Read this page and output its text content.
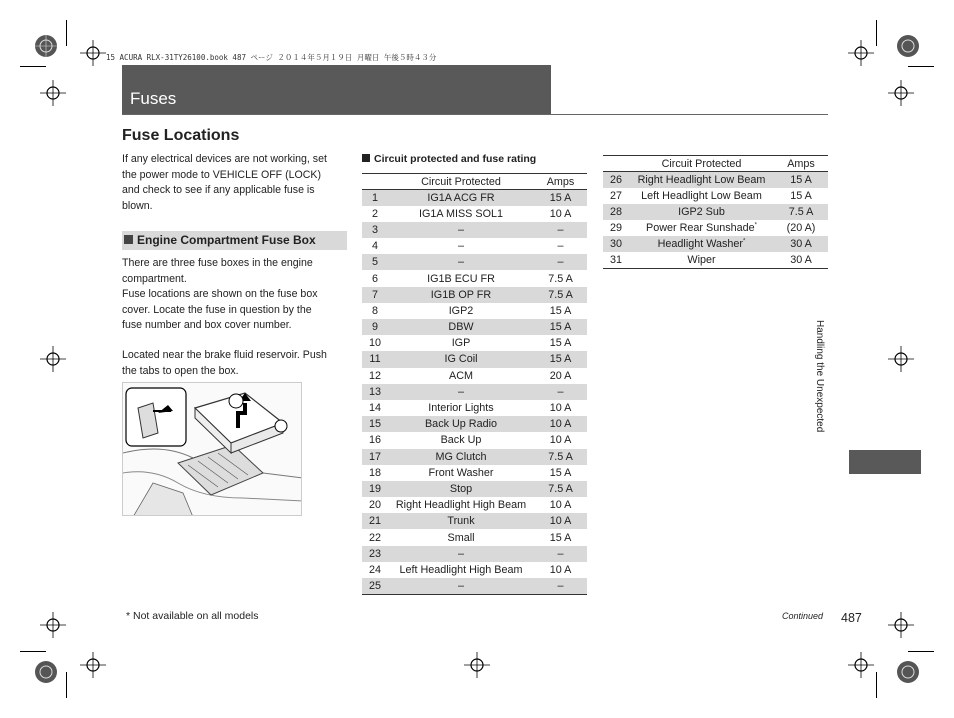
15 ACURA RLX-31TY26100.book 487 ページ ２０１４年５月１９日 月曜日 午後５時４３分
Fuses
Fuse Locations
If any electrical devices are not working, set
the power mode to VEHICLE OFF (LOCK)
and check to see if any applicable fuse is
blown.
Engine Compartment Fuse Box
There are three fuse boxes in the engine
compartment.
Fuse locations are shown on the fuse box
cover. Locate the fuse in question by the
fuse number and box cover number.
Located near the brake fluid reservoir. Push
the tabs to open the box.
Circuit protected and fuse rating
	Circuit Protected	Amps
1	IG1A ACG FR	15 A
2	IG1A MISS SOL1	10 A
3	–	–
4	–	–
5	–	–
6	IG1B ECU FR	7.5 A
7	IG1B OP FR	7.5 A
8	IGP2	15 A
9	DBW	15 A
10	IGP	15 A
11	IG Coil	15 A
12	ACM	20 A
13	–	–
14	Interior Lights	10 A
15	Back Up Radio	10 A
16	Back Up	10 A
17	MG Clutch	7.5 A
18	Front Washer	15 A
19	Stop	7.5 A
20	Right Headlight High Beam	10 A
21	Trunk	10 A
22	Small	15 A
23	–	–
24	Left Headlight High Beam	10 A
25	–	–
	Circuit Protected	Amps
26	Right Headlight Low Beam	15 A
27	Left Headlight Low Beam	15 A
28	IGP2 Sub	7.5 A
29	Power Rear Sunshade*	(20 A)
30	Headlight Washer*	30 A
31	Wiper	30 A
Handling the Unexpected
* Not available on all models	Continued 487
